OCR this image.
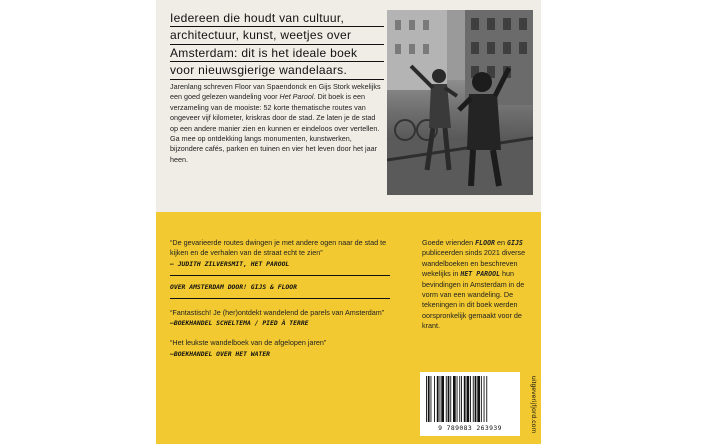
Iedereen die houdt van cultuur,
architectuur, kunst, weetjes over
Amsterdam: dit is het ideale boek
voor nieuwsgierige wandelaars.
Jarenlang schreven Floor van Spaendonck en Gijs Stork wekelijks een goed gelezen wandeling voor Het Parool. Dit boek is een verzameling van de mooiste: 52 korte thematische routes van ongeveer vijf kilometer, kriskras door de stad. Ze laten je de stad op een andere manier zien en kunnen er eindeloos over vertellen. Ga mee op ontdekking langs monumenten, kunstwerken, bijzondere cafés, parken en tuinen en vier het leven door het jaar heen.

“De gevarieerde routes dwingen je met andere ogen naar de stad te kijken en de verhalen van de straat echt te zien”

– JUDITH ZILVERSMIT, HET PAROOL

OVER AMSTERDAM DOOR! GIJS & FLOOR

“Fantastisch! Je (her)ontdekt wandelend de parels van Amsterdam”

–BOEKHANDEL SCHELTEMA / PIED À TERRE

“Het leukste wandelboek van de afgelopen jaren”

–BOEKHANDEL OVER HET WATER

Goede vrienden FLOOR en GIJS publiceerden sinds 2021 diverse wandelboeken en beschreven wekelijks in HET PAROOL hun bevindingen in Amsterdam in de vorm van een wandeling. De tekeningen in dit boek werden oorspronkelijk gemaakt voor de krant.
9 789083 263939	uitgeverijfjord.com
